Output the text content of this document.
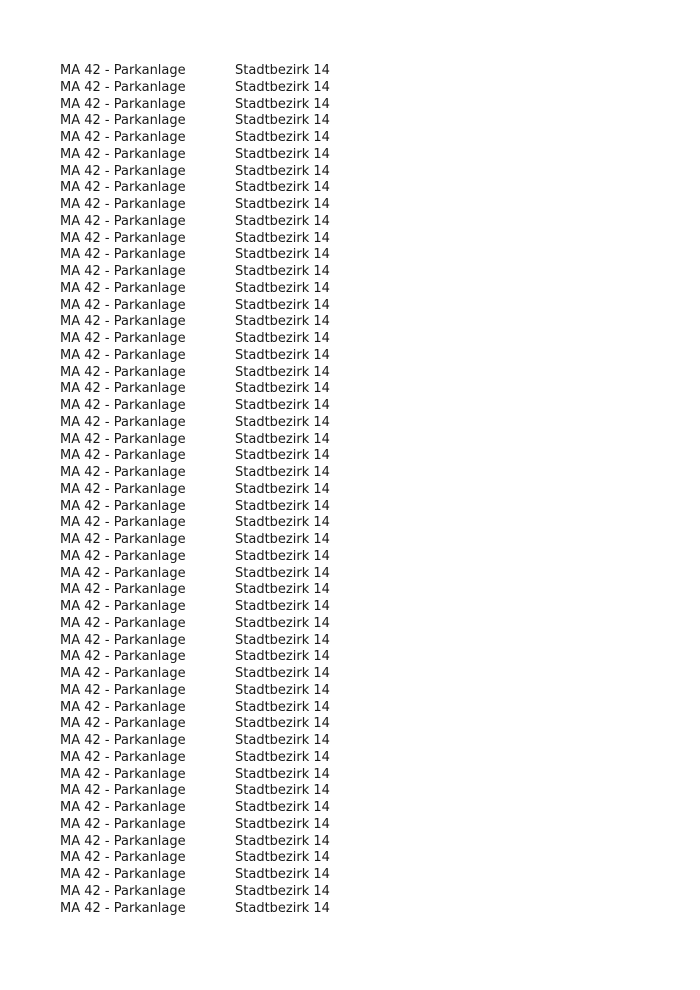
MA 42 - Parkanlage	Stadtbezirk 14
MA 42 - Parkanlage	Stadtbezirk 14
MA 42 - Parkanlage	Stadtbezirk 14
MA 42 - Parkanlage	Stadtbezirk 14
MA 42 - Parkanlage	Stadtbezirk 14
MA 42 - Parkanlage	Stadtbezirk 14
MA 42 - Parkanlage	Stadtbezirk 14
MA 42 - Parkanlage	Stadtbezirk 14
MA 42 - Parkanlage	Stadtbezirk 14
MA 42 - Parkanlage	Stadtbezirk 14
MA 42 - Parkanlage	Stadtbezirk 14
MA 42 - Parkanlage	Stadtbezirk 14
MA 42 - Parkanlage	Stadtbezirk 14
MA 42 - Parkanlage	Stadtbezirk 14
MA 42 - Parkanlage	Stadtbezirk 14
MA 42 - Parkanlage	Stadtbezirk 14
MA 42 - Parkanlage	Stadtbezirk 14
MA 42 - Parkanlage	Stadtbezirk 14
MA 42 - Parkanlage	Stadtbezirk 14
MA 42 - Parkanlage	Stadtbezirk 14
MA 42 - Parkanlage	Stadtbezirk 14
MA 42 - Parkanlage	Stadtbezirk 14
MA 42 - Parkanlage	Stadtbezirk 14
MA 42 - Parkanlage	Stadtbezirk 14
MA 42 - Parkanlage	Stadtbezirk 14
MA 42 - Parkanlage	Stadtbezirk 14
MA 42 - Parkanlage	Stadtbezirk 14
MA 42 - Parkanlage	Stadtbezirk 14
MA 42 - Parkanlage	Stadtbezirk 14
MA 42 - Parkanlage	Stadtbezirk 14
MA 42 - Parkanlage	Stadtbezirk 14
MA 42 - Parkanlage	Stadtbezirk 14
MA 42 - Parkanlage	Stadtbezirk 14
MA 42 - Parkanlage	Stadtbezirk 14
MA 42 - Parkanlage	Stadtbezirk 14
MA 42 - Parkanlage	Stadtbezirk 14
MA 42 - Parkanlage	Stadtbezirk 14
MA 42 - Parkanlage	Stadtbezirk 14
MA 42 - Parkanlage	Stadtbezirk 14
MA 42 - Parkanlage	Stadtbezirk 14
MA 42 - Parkanlage	Stadtbezirk 14
MA 42 - Parkanlage	Stadtbezirk 14
MA 42 - Parkanlage	Stadtbezirk 14
MA 42 - Parkanlage	Stadtbezirk 14
MA 42 - Parkanlage	Stadtbezirk 14
MA 42 - Parkanlage	Stadtbezirk 14
MA 42 - Parkanlage	Stadtbezirk 14
MA 42 - Parkanlage	Stadtbezirk 14
MA 42 - Parkanlage	Stadtbezirk 14
MA 42 - Parkanlage	Stadtbezirk 14
MA 42 - Parkanlage	Stadtbezirk 14
